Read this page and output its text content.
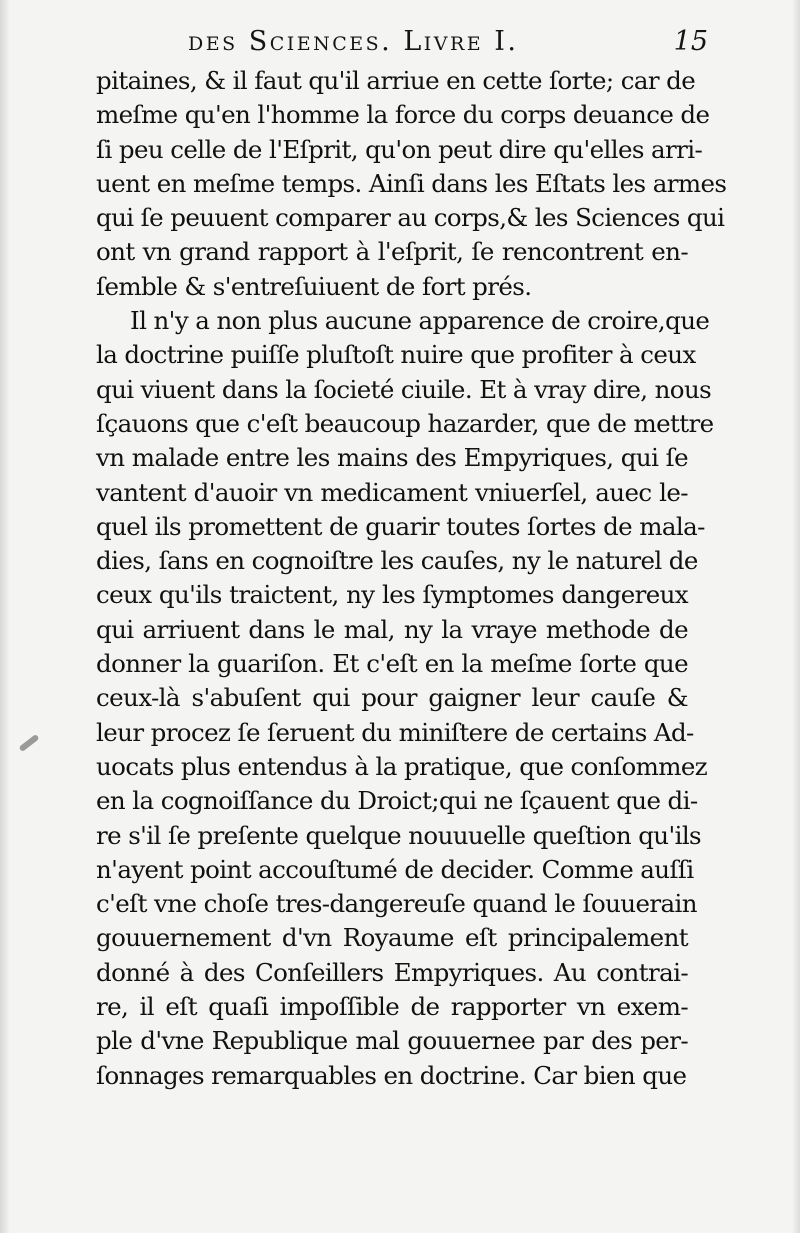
des Sciences. Livre I.	15
pitaines, & il faut qu'il arriue en cette ſorte; car de
meſme qu'en l'homme la force du corps deuance de
ſi peu celle de l'Eſprit, qu'on peut dire qu'elles arri-
uent en meſme temps. Ainſi dans les Eſtats les armes
qui ſe peuuent comparer au corps,& les Sciences qui
ont vn grand rapport à l'eſprit, ſe rencontrent en-
ſemble & s'entreſuiuent de fort prés.
Il n'y a non plus aucune apparence de croire,que
la doctrine puiſſe pluſtoſt nuire que profiter à ceux
qui viuent dans la ſocieté ciuile. Et à vray dire, nous
ſçauons que c'eſt beaucoup hazarder, que de mettre
vn malade entre les mains des Empyriques, qui ſe
vantent d'auoir vn medicament vniuerſel, auec le-
quel ils promettent de guarir toutes ſortes de mala-
dies, ſans en cognoiſtre les cauſes, ny le naturel de
ceux qu'ils traictent, ny les ſymptomes dangereux
qui arriuent dans le mal, ny la vraye methode de
donner la guariſon. Et c'eſt en la meſme ſorte que
ceux-là s'abuſent qui pour gaigner leur cauſe &
leur procez ſe ſeruent du miniſtere de certains Ad-
uocats plus entendus à la pratique, que conſommez
en la cognoiſſance du Droict;qui ne ſçauent que di-
re s'il ſe preſente quelque nouuuelle queſtion qu'ils
n'ayent point accouſtumé de decider. Comme auſſi
c'eſt vne choſe tres-dangereuſe quand le ſouuerain
gouuernement d'vn Royaume eſt principalement
donné à des Conſeillers Empyriques. Au contrai-
re, il eſt quaſi impoſſible de rapporter vn exem-
ple d'vne Republique mal gouuernee par des per-
ſonnages remarquables en doctrine. Car bien que
